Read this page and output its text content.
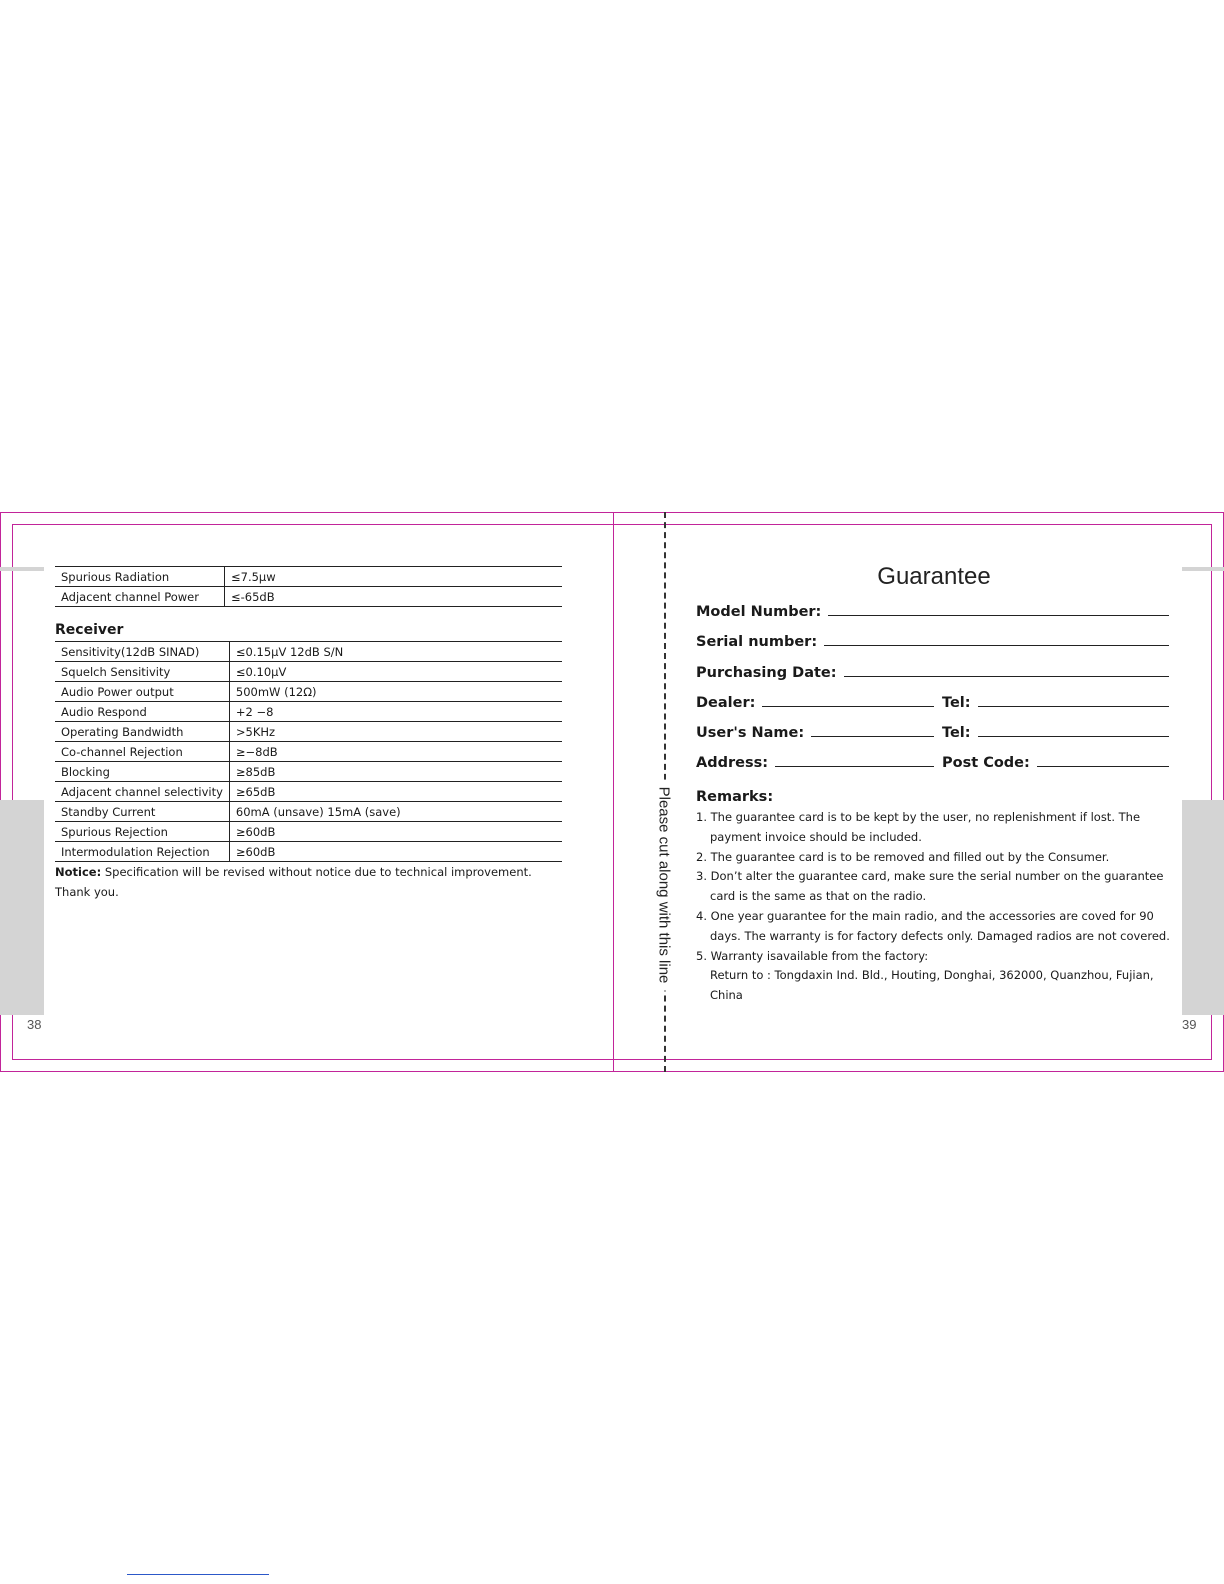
Please cut along with this line
Spurious Radiation	≤7.5μw
Adjacent channel Power	≤-65dB
Receiver
Sensitivity(12dB SINAD)	≤0.15μV 12dB S/N
Squelch Sensitivity	≤0.10μV
Audio Power output	500mW (12Ω)
Audio Respond	+2 −8
Operating Bandwidth	>5KHz
Co-channel Rejection	≥−8dB
Blocking	≥85dB
Adjacent channel selectivity	≥65dB
Standby Current	60mA (unsave) 15mA (save)
Spurious Rejection	≥60dB
Intermodulation Rejection	≥60dB
Notice: Specification will be revised without notice due to technical improvement. Thank you.
38
Guarantee
Model Number:
Serial number:
Purchasing Date:
Dealer:	Tel:
User's Name:	Tel:
Address:	Post Code:
Remarks:
1. The guarantee card is to be kept by the user, no replenishment if lost. The
payment invoice should be included.
2. The guarantee card is to be removed and filled out by the Consumer.
3. Don’t alter the guarantee card, make sure the serial number on the guarantee
card is the same as that on the radio.
4. One year guarantee for the main radio, and the accessories are coved for 90
days. The warranty is for factory defects only. Damaged radios are not covered.
5. Warranty isavailable from the factory:
Return to : Tongdaxin Ind. Bld., Houting, Donghai, 362000, Quanzhou, Fujian,
China
39
